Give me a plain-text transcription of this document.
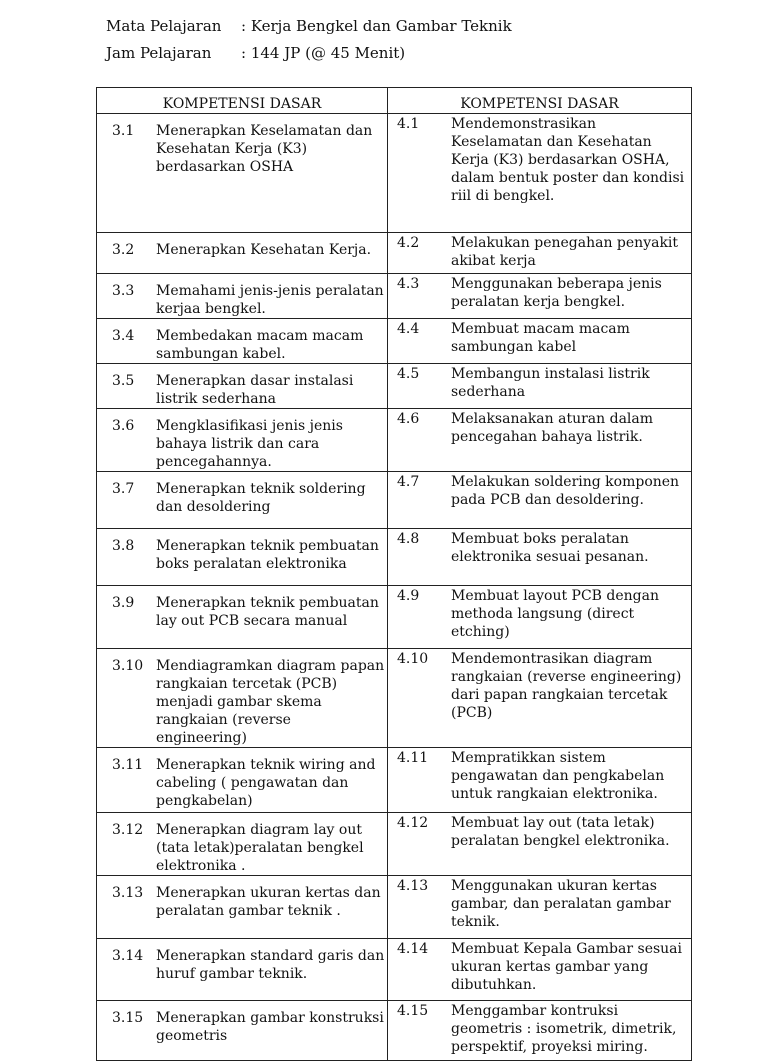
Mata Pelajaran : Kerja Bengkel dan Gambar Teknik
Jam Pelajaran : 144 JP (@ 45 Menit)
KOMPETENSI DASAR	KOMPETENSI DASAR

3.1 Menerapkan Keselamatan dan Kesehatan Kerja (K3) berdasarkan OSHA	4.1 Mendemonstrasikan Keselamatan dan Kesehatan Kerja (K3) berdasarkan OSHA, dalam bentuk poster dan kondisi riil di bengkel.

3.2 Menerapkan Kesehatan Kerja.	4.2 Melakukan penegahan penyakit akibat kerja

3.3 Memahami jenis-jenis peralatan kerjaa bengkel.	4.3 Menggunakan beberapa jenis peralatan kerja bengkel.

3.4 Membedakan macam macam sambungan kabel.	4.4 Membuat macam macam sambungan kabel

3.5 Menerapkan dasar instalasi listrik sederhana	4.5 Membangun instalasi listrik sederhana

3.6 Mengklasifikasi jenis jenis bahaya listrik dan cara pencegahannya.	4.6 Melaksanakan aturan dalam pencegahan bahaya listrik.

3.7 Menerapkan teknik soldering dan desoldering	4.7 Melakukan soldering komponen pada PCB dan desoldering.

3.8 Menerapkan teknik pembuatan boks peralatan elektronika	4.8 Membuat boks peralatan elektronika sesuai pesanan.

3.9 Menerapkan teknik pembuatan lay out PCB secara manual	4.9 Membuat layout PCB dengan methoda langsung (direct etching)

3.10 Mendiagramkan diagram papan rangkaian tercetak (PCB) menjadi gambar skema rangkaian (reverse engineering)	4.10 Mendemontrasikan diagram rangkaian (reverse engineering) dari papan rangkaian tercetak (PCB)

3.11 Menerapkan teknik wiring and cabeling ( pengawatan dan pengkabelan)	4.11 Mempratikkan sistem pengawatan dan pengkabelan untuk rangkaian elektronika.

3.12 Menerapkan diagram lay out (tata letak)peralatan bengkel elektronika .	4.12 Membuat lay out (tata letak) peralatan bengkel elektronika.

3.13 Menerapkan ukuran kertas dan peralatan gambar teknik .	4.13 Menggunakan ukuran kertas gambar, dan peralatan gambar teknik.

3.14 Menerapkan standard garis dan huruf gambar teknik.	4.14 Membuat Kepala Gambar sesuai ukuran kertas gambar yang dibutuhkan.

3.15 Menerapkan gambar konstruksi geometris	4.15 Menggambar kontruksi geometris : isometrik, dimetrik, perspektif, proyeksi miring.
